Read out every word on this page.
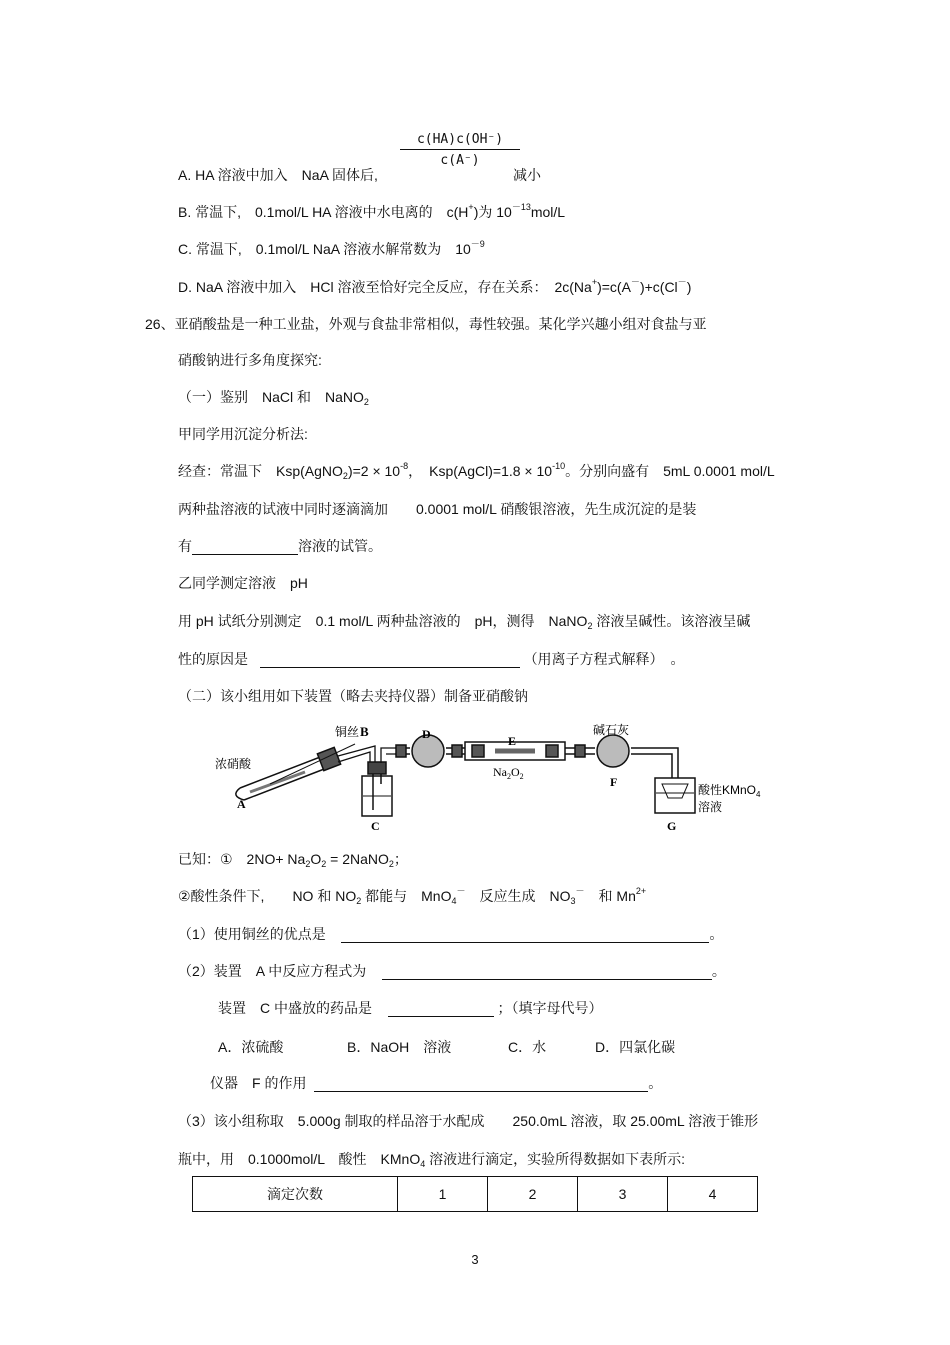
$\frac{c(HA)c(OH^-)}{c(A^-)}$
A. HA 溶液中加入　NaA 固体后,	减小
B. 常温下,　0.1mol/L HA 溶液中水电离的　c(H+)为 $10^{-13}mol/L$
C. 常温下,　0.1mol/L NaA 溶液水解常数为　$10^{-9}$
D. NaA 溶液中加入　HCl 溶液至恰好完全反应，存在关系：　2c(Na+)=c(A－)+c(Cl－)
26、亚硝酸盐是一种工业盐，外观与食盐非常相似，毒性较强。某化学兴趣小组对食盐与亚
硝酸钠进行多角度探究:
（一）鉴别　NaCl 和　NaNO$_2$
甲同学用沉淀分析法:
经查：常温下　Ksp(AgNO$_2$)=2 × $10^{-8}$，　Ksp(AgCl)=1.8 × $10^{-10}$。分别向盛有　5mL 0.0001 mol/L
两种盐溶液的试液中同时逐滴滴加　　0.0001 mol/L 硝酸银溶液，先生成沉淀的是装
有	溶液的试管。
乙同学测定溶液　pH
用 pH 试纸分别测定　0.1 mol/L 两种盐溶液的　pH，测得　NaNO$_2$ 溶液呈碱性。该溶液呈碱
性的原因是	（用离子方程式解释）　。
（二）该小组用如下装置（略去夹持仪器）制备亚硝酸钠
铜丝 B	D	E
碱石灰
浓硝酸
$Na_2O_2$	F
A
C	G
酸性KMnO$_4$
溶液
已知：①　$2NO+ Na_2O_2$ = 2NaNO$_2$；
②酸性条件下,　　NO 和 $NO_2$ 都能与　MnO$_4$－　反应生成　$NO_3^-$　和 $Mn^{2+}$
（1）使用铜丝的优点是	。
（2）装置　A 中反应方程式为	。
装置　C 中盛放的药品是	；（填字母代号）
A．浓硫酸	B．NaOH　溶液	C．水	D．四氯化碳
仪器　F 的作用	。
（3）该小组称取　5.000g 制取的样品溶于水配成　　250.0mL 溶液，取 25.00mL 溶液于锥形
瓶中，用　0.1000mol/L　酸性　KMnO$_4$ 溶液进行滴定，实验所得数据如下表所示:
滴定次数	1	2	3	4
3
